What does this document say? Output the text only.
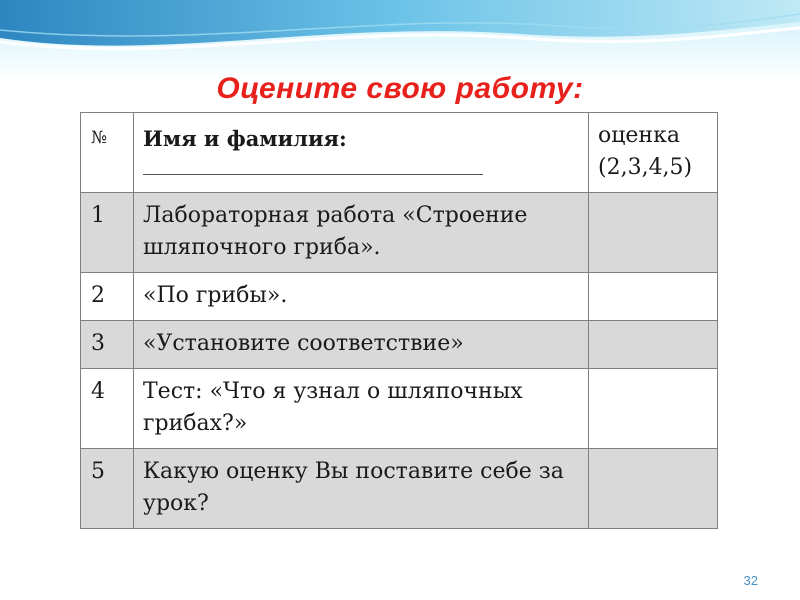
Оцените свою работу:
№	Имя и фамилия:	оценка (2,3,4,5)
1	Лабораторная работа «Строение шляпочного гриба».	
2	«По грибы».	
3	«Установите соответствие»	
4	Тест: «Что я узнал о шляпочных грибах?»	
5	Какую оценку Вы поставите себе за урок?	
32
